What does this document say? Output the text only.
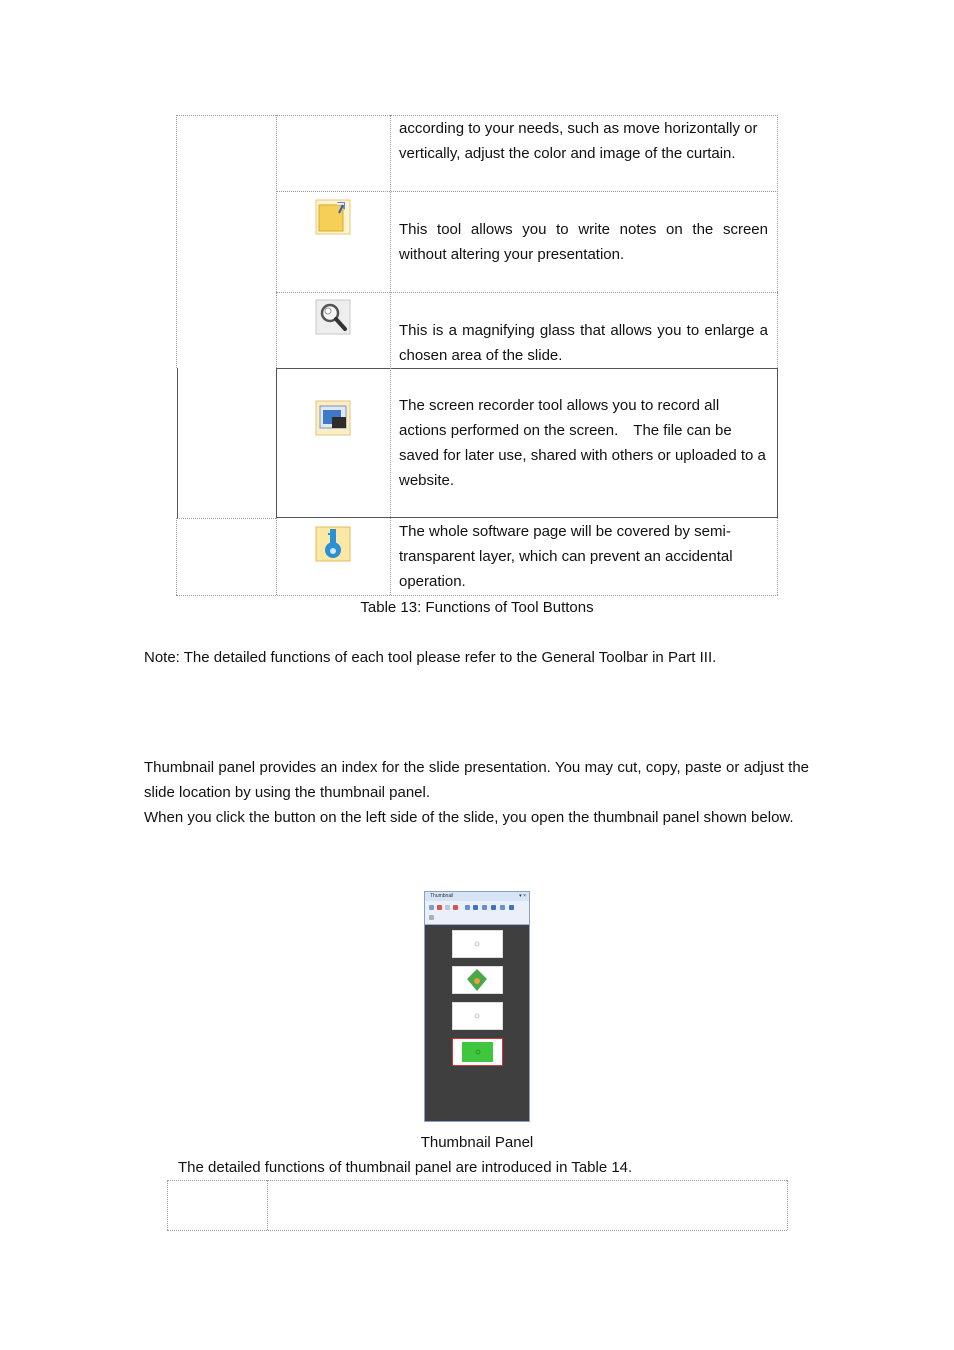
according to your needs, such as move horizontally or vertically, adjust the color and image of the curtain.
This tool allows you to write notes on the screen without altering your presentation.
This is a magnifying glass that allows you to enlarge a chosen area of the slide.
The screen recorder tool allows you to record all actions performed on the screen.　The file can be saved for later use, shared with others or uploaded to a website.
The whole software page will be covered by semi-transparent layer, which can prevent an accidental operation.
Table 13: Functions of Tool Buttons
Note: The detailed functions of each tool please refer to the General Toolbar in Part III.
Thumbnail panel provides an index for the slide presentation. You may cut, copy, paste or adjust the slide location by using the thumbnail panel.
When you click the button on the left side of the slide, you open the thumbnail panel shown below.
Thumbnail	▾ ×
Thumbnail Panel
The detailed functions of thumbnail panel are introduced in Table 14.
